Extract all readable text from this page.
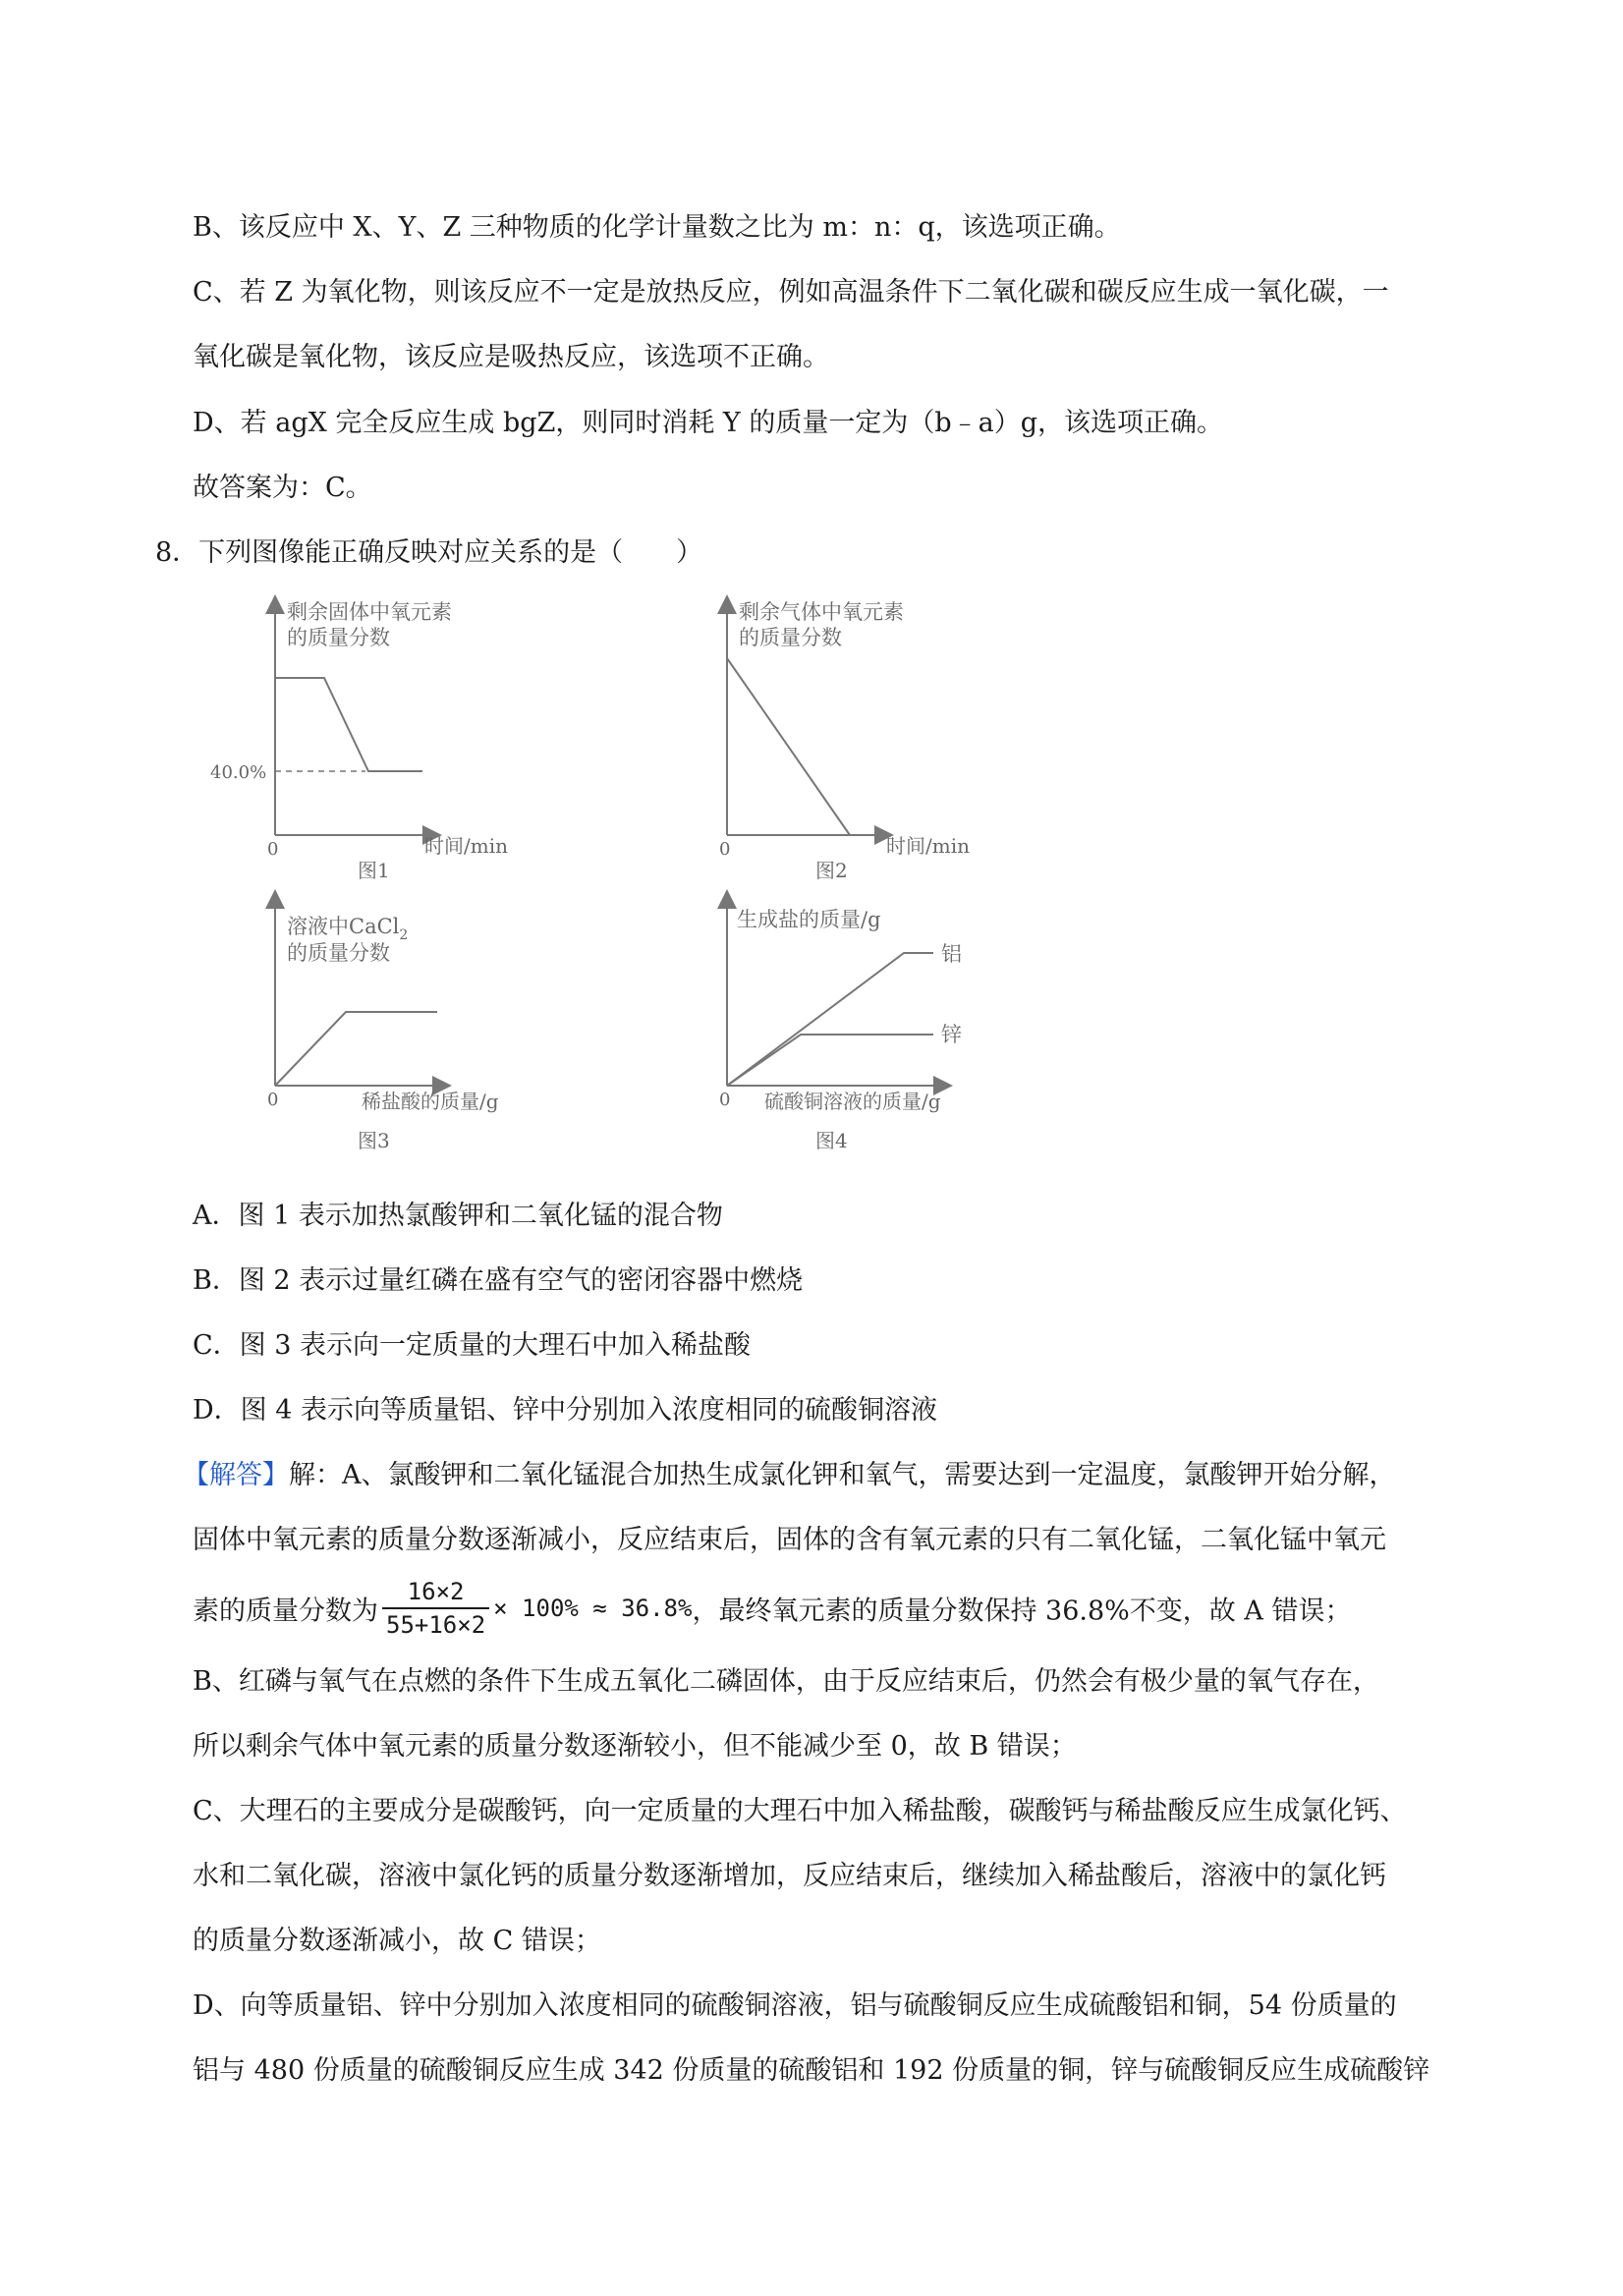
B、该反应中 X、Y、Z 三种物质的化学计量数之比为 m：n：q，该选项正确。
C、若 Z 为氧化物，则该反应不一定是放热反应，例如高温条件下二氧化碳和碳反应生成一氧化碳，一
氧化碳是氧化物，该反应是吸热反应，该选项不正确。
D、若 agX 完全反应生成 bgZ，则同时消耗 Y 的质量一定为（b﹣a）g，该选项正确。
故答案为：C。
8．下列图像能正确反映对应关系的是（　　）
剩余固体中氧元素
的质量分数
40.0%
0	时间/min
图1
剩余气体中氧元素
的质量分数
0	时间/min
图2
溶液中CaCl$_2$
的质量分数
0	稀盐酸的质量/g
图3
生成盐的质量/g
铝
锌
0 硫酸铜溶液的质量/g
图4
A．图 1 表示加热氯酸钾和二氧化锰的混合物
B．图 2 表示过量红磷在盛有空气的密闭容器中燃烧
C．图 3 表示向一定质量的大理石中加入稀盐酸
D．图 4 表示向等质量铝、锌中分别加入浓度相同的硫酸铜溶液
【解答】解：A、氯酸钾和二氧化锰混合加热生成氯化钾和氧气，需要达到一定温度，氯酸钾开始分解，
固体中氧元素的质量分数逐渐减小，反应结束后，固体的含有氧元素的只有二氧化锰，二氧化锰中氧元
素的质量分数为 $\frac{16\times 2}{55+16\times 2} \times 100\% \approx 36.8\%$，最终氧元素的质量分数保持 36.8%不变，故 A 错误；
B、红磷与氧气在点燃的条件下生成五氧化二磷固体，由于反应结束后，仍然会有极少量的氧气存在，
所以剩余气体中氧元素的质量分数逐渐较小，但不能减少至 0，故 B 错误；
C、大理石的主要成分是碳酸钙，向一定质量的大理石中加入稀盐酸，碳酸钙与稀盐酸反应生成氯化钙、
水和二氧化碳，溶液中氯化钙的质量分数逐渐增加，反应结束后，继续加入稀盐酸后，溶液中的氯化钙
的质量分数逐渐减小，故 C 错误；
D、向等质量铝、锌中分别加入浓度相同的硫酸铜溶液，铝与硫酸铜反应生成硫酸铝和铜，54 份质量的
铝与 480 份质量的硫酸铜反应生成 342 份质量的硫酸铝和 192 份质量的铜，锌与硫酸铜反应生成硫酸锌
